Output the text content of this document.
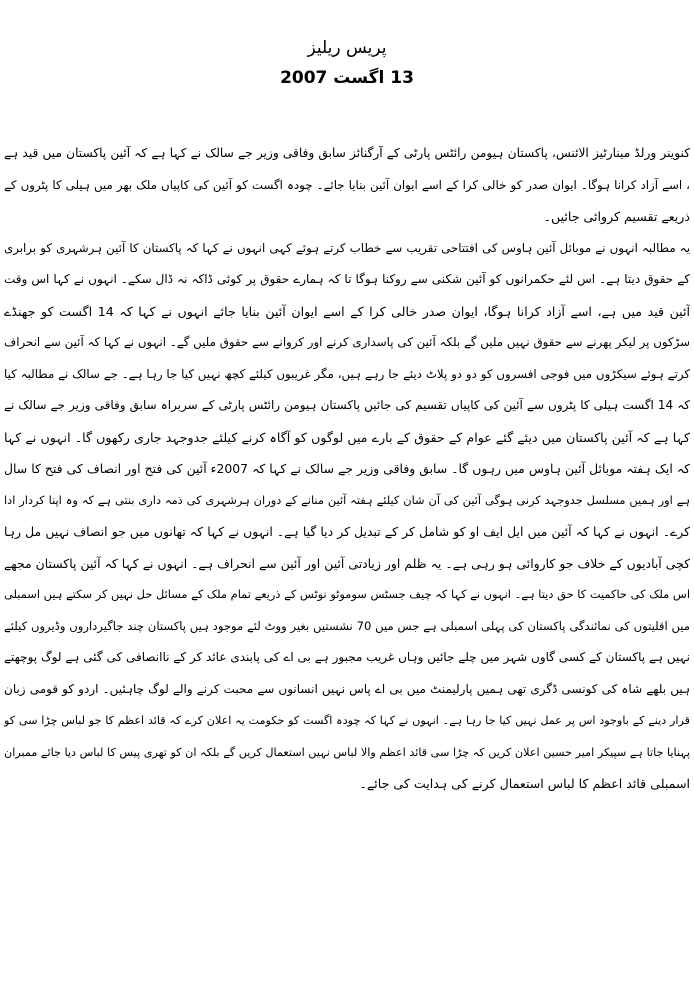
پریس ریلیز
13 اگست 2007
کنوینر ورلڈ مینارٹیز الائنس، پاکستان ہیومن رائٹس پارٹی کے آرگنائز سابق وفاقی وزیر جے سالک نے کہا ہے کہ آئین پاکستان میں قید ہے
، اسے آزاد کرانا ہوگا۔ ایوان صدر کو خالی کرا کے اسے ایوان آئین بنایا جائے۔ چودہ اگست کو آئین کی کاپیاں ملک بھر میں ہیلی کا پٹروں کے
ذریعے تقسیم کروائی جائیں۔
یہ مطالبہ انہوں نے موبائل آئین ہاوس کی افتتاحی تقریب سے خطاب کرتے ہوئے کہی انہوں نے کہا کہ پاکستان کا آئین ہرشہری کو برابری
کے حقوق دیتا ہے۔ اس لئے حکمرانوں کو آئین شکنی سے روکنا ہوگا تا کہ ہمارے حقوق پر کوئی ڈاکہ نہ ڈال سکے۔ انہوں نے کہا اس وقت
آئین قید میں ہے، اسے آزاد کرانا ہوگا، ایوان صدر خالی کرا کے اسے ایوان آئین بنایا جائے انہوں نے کہا کہ 14 اگست کو جھنڈے
سڑکوں پر لیکر پھرنے سے حقوق نہیں ملیں گے بلکہ آئین کی پاسداری کرنے اور کروانے سے حقوق ملیں گے۔ انہوں نے کہا کہ آئین سے انحراف
کرتے ہوئے سیکڑوں میں فوجی افسروں کو دو دو پلاٹ دیئے جا رہے ہیں، مگر غریبوں کیلئے کچھ نہیں کیا جا رہا ہے۔ جے سالک نے مطالبہ کیا
کہ 14 اگست ہیلی کا پٹروں سے آئین کی کاپیاں تقسیم کی جائیں پاکستان ہیومن رائٹس پارٹی کے سربراہ سابق وفاقی وزیر جے سالک نے
کہا ہے کہ آئین پاکستان میں دیئے گئے عوام کے حقوق کے بارے میں لوگوں کو آگاہ کرنے کیلئے جدوجہد جاری رکھوں گا۔ انہوں نے کہا
کہ ایک ہفتہ موبائل آئین ہاوس میں رہوں گا۔ سابق وفاقی وزیر جے سالک نے کہا کہ 2007ء آئین کی فتح اور انصاف کی فتح کا سال
ہے اور ہمیں مسلسل جدوجہد کرنی ہوگی آئین کی آن شان کیلئے ہفتہ آئین منانے کے دوران ہرشہری کی ذمہ داری بنتی ہے کہ وہ اپنا کردار ادا
کرے۔ انہوں نے کہا کہ آئین میں ایل ایف او کو شامل کر کے تبدیل کر دیا گیا ہے۔ انہوں نے کہا کہ تھانوں میں جو انصاف نہیں مل رہا
کچی آبادیوں کے خلاف جو کاروائی ہو رہی ہے۔ یہ ظلم اور زیادتی آئین اور آئین سے انحراف ہے۔ انہوں نے کہا کہ آئین پاکستان مجھے
اس ملک کی حاکمیت کا حق دیتا ہے۔ انہوں نے کہا کہ چیف جسٹس سوموٹو نوٹس کے ذریعے تمام ملک کے مسائل حل نہیں کر سکتے ہیں اسمبلی
میں اقلیتوں کی نمائندگی پاکستان کی پہلی اسمبلی ہے جس میں 70 نشستیں بغیر ووٹ لئے موجود ہیں پاکستان چند جاگیرداروں وڈیروں کیلئے
نہیں ہے پاکستان کے کسی گاوں شہر میں چلے جائیں وہاں غریب مجبور ہے بی اے کی پابندی عائد کر کے ناانصافی کی گئی ہے لوگ پوچھتے
ہیں بلھے شاہ کی کونسی ڈگری تھی ہمیں پارلیمنٹ میں بی اے پاس نہیں انسانوں سے محبت کرنے والے لوگ چاہئیں۔ اردو کو قومی زبان
قرار دینے کے باوجود اس پر عمل نہیں کیا جا رہا ہے۔ انہوں نے کہا کہ چودہ اگست کو حکومت یہ اعلان کرے کہ قائد اعظم کا جو لباس چڑا سی کو
پہنایا جاتا ہے سپیکر امیر حسین اعلان کریں کہ چڑا سی قائد اعظم والا لباس نہیں استعمال کریں گے بلکہ ان کو تھری پیس کا لباس دیا جائے ممبران
اسمبلی قائد اعظم کا لباس استعمال کرنے کی ہدایت کی جائے۔
